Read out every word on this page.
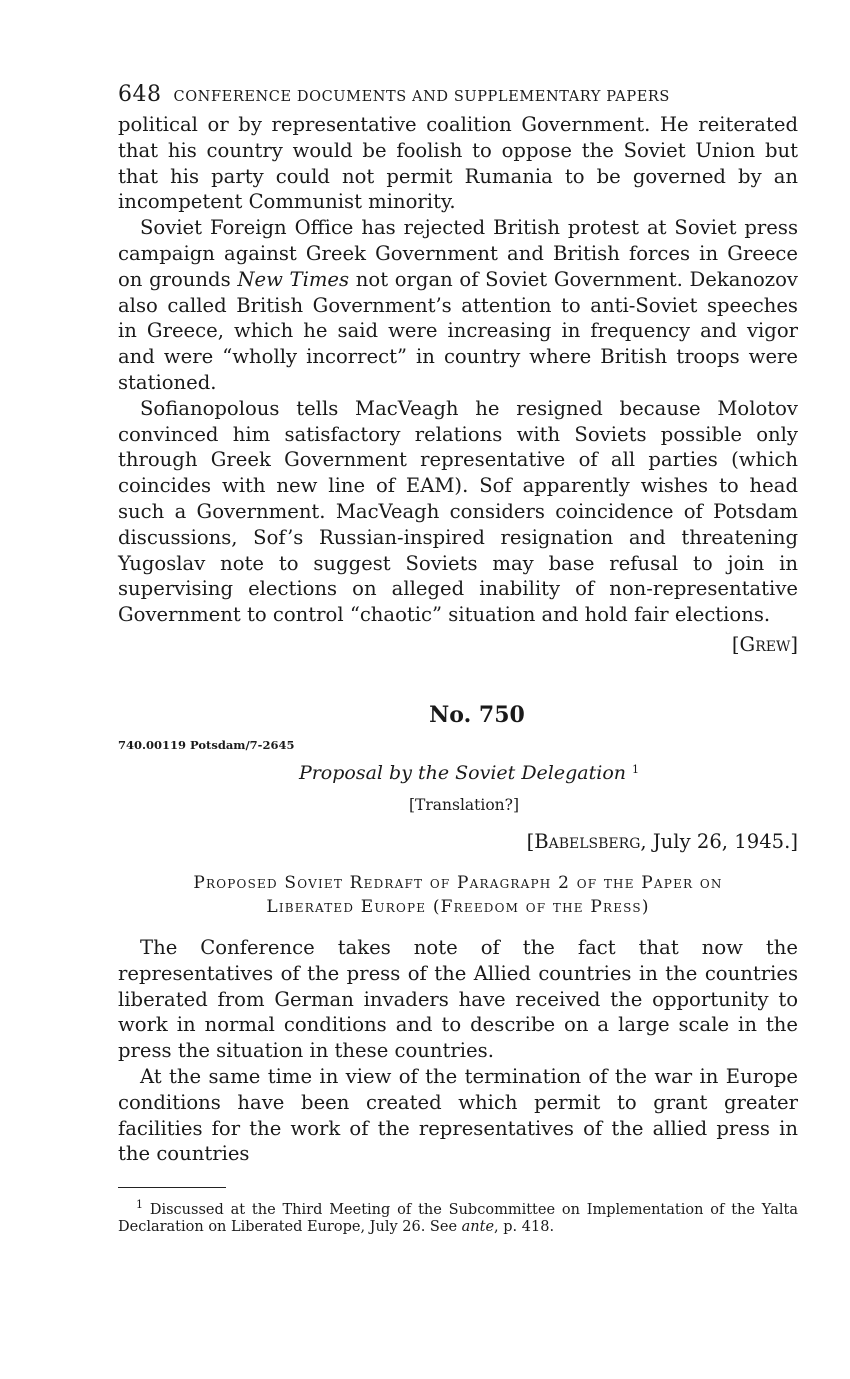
648 CONFERENCE DOCUMENTS AND SUPPLEMENTARY PAPERS

political or by representative coalition Government. He reiterated that his country would be foolish to oppose the Soviet Union but that his party could not permit Rumania to be governed by an incompetent Communist minority.

Soviet Foreign Office has rejected British protest at Soviet press campaign against Greek Government and British forces in Greece on grounds New Times not organ of Soviet Government. Dekanozov also called British Government’s attention to anti-Soviet speeches in Greece, which he said were increasing in frequency and vigor and were “wholly incorrect” in country where British troops were stationed.

Sofianopolous tells MacVeagh he resigned because Molotov convinced him satisfactory relations with Soviets possible only through Greek Government representative of all parties (which coincides with new line of EAM). Sof apparently wishes to head such a Government. MacVeagh considers coincidence of Potsdam discussions, Sof’s Russian-inspired resignation and threatening Yugoslav note to suggest Soviets may base refusal to join in supervising elections on alleged inability of non-representative Government to control “chaotic” situation and hold fair elections.

[Grew]
No. 750
740.00119 Potsdam/7-2645
Proposal by the Soviet Delegation $^1$
[Translation?]
[Babelsberg, July 26, 1945.]
Proposed Soviet Redraft of Paragraph 2 of the Paper on
Liberated Europe (Freedom of the Press)

The Conference takes note of the fact that now the representatives of the press of the Allied countries in the countries liberated from German invaders have received the opportunity to work in normal conditions and to describe on a large scale in the press the situation in these countries.

At the same time in view of the termination of the war in Europe conditions have been created which permit to grant greater facilities for the work of the representatives of the allied press in the countries

$^1$ Discussed at the Third Meeting of the Subcommittee on Implementation of the Yalta Declaration on Liberated Europe, July 26. See ante, p. 418.
